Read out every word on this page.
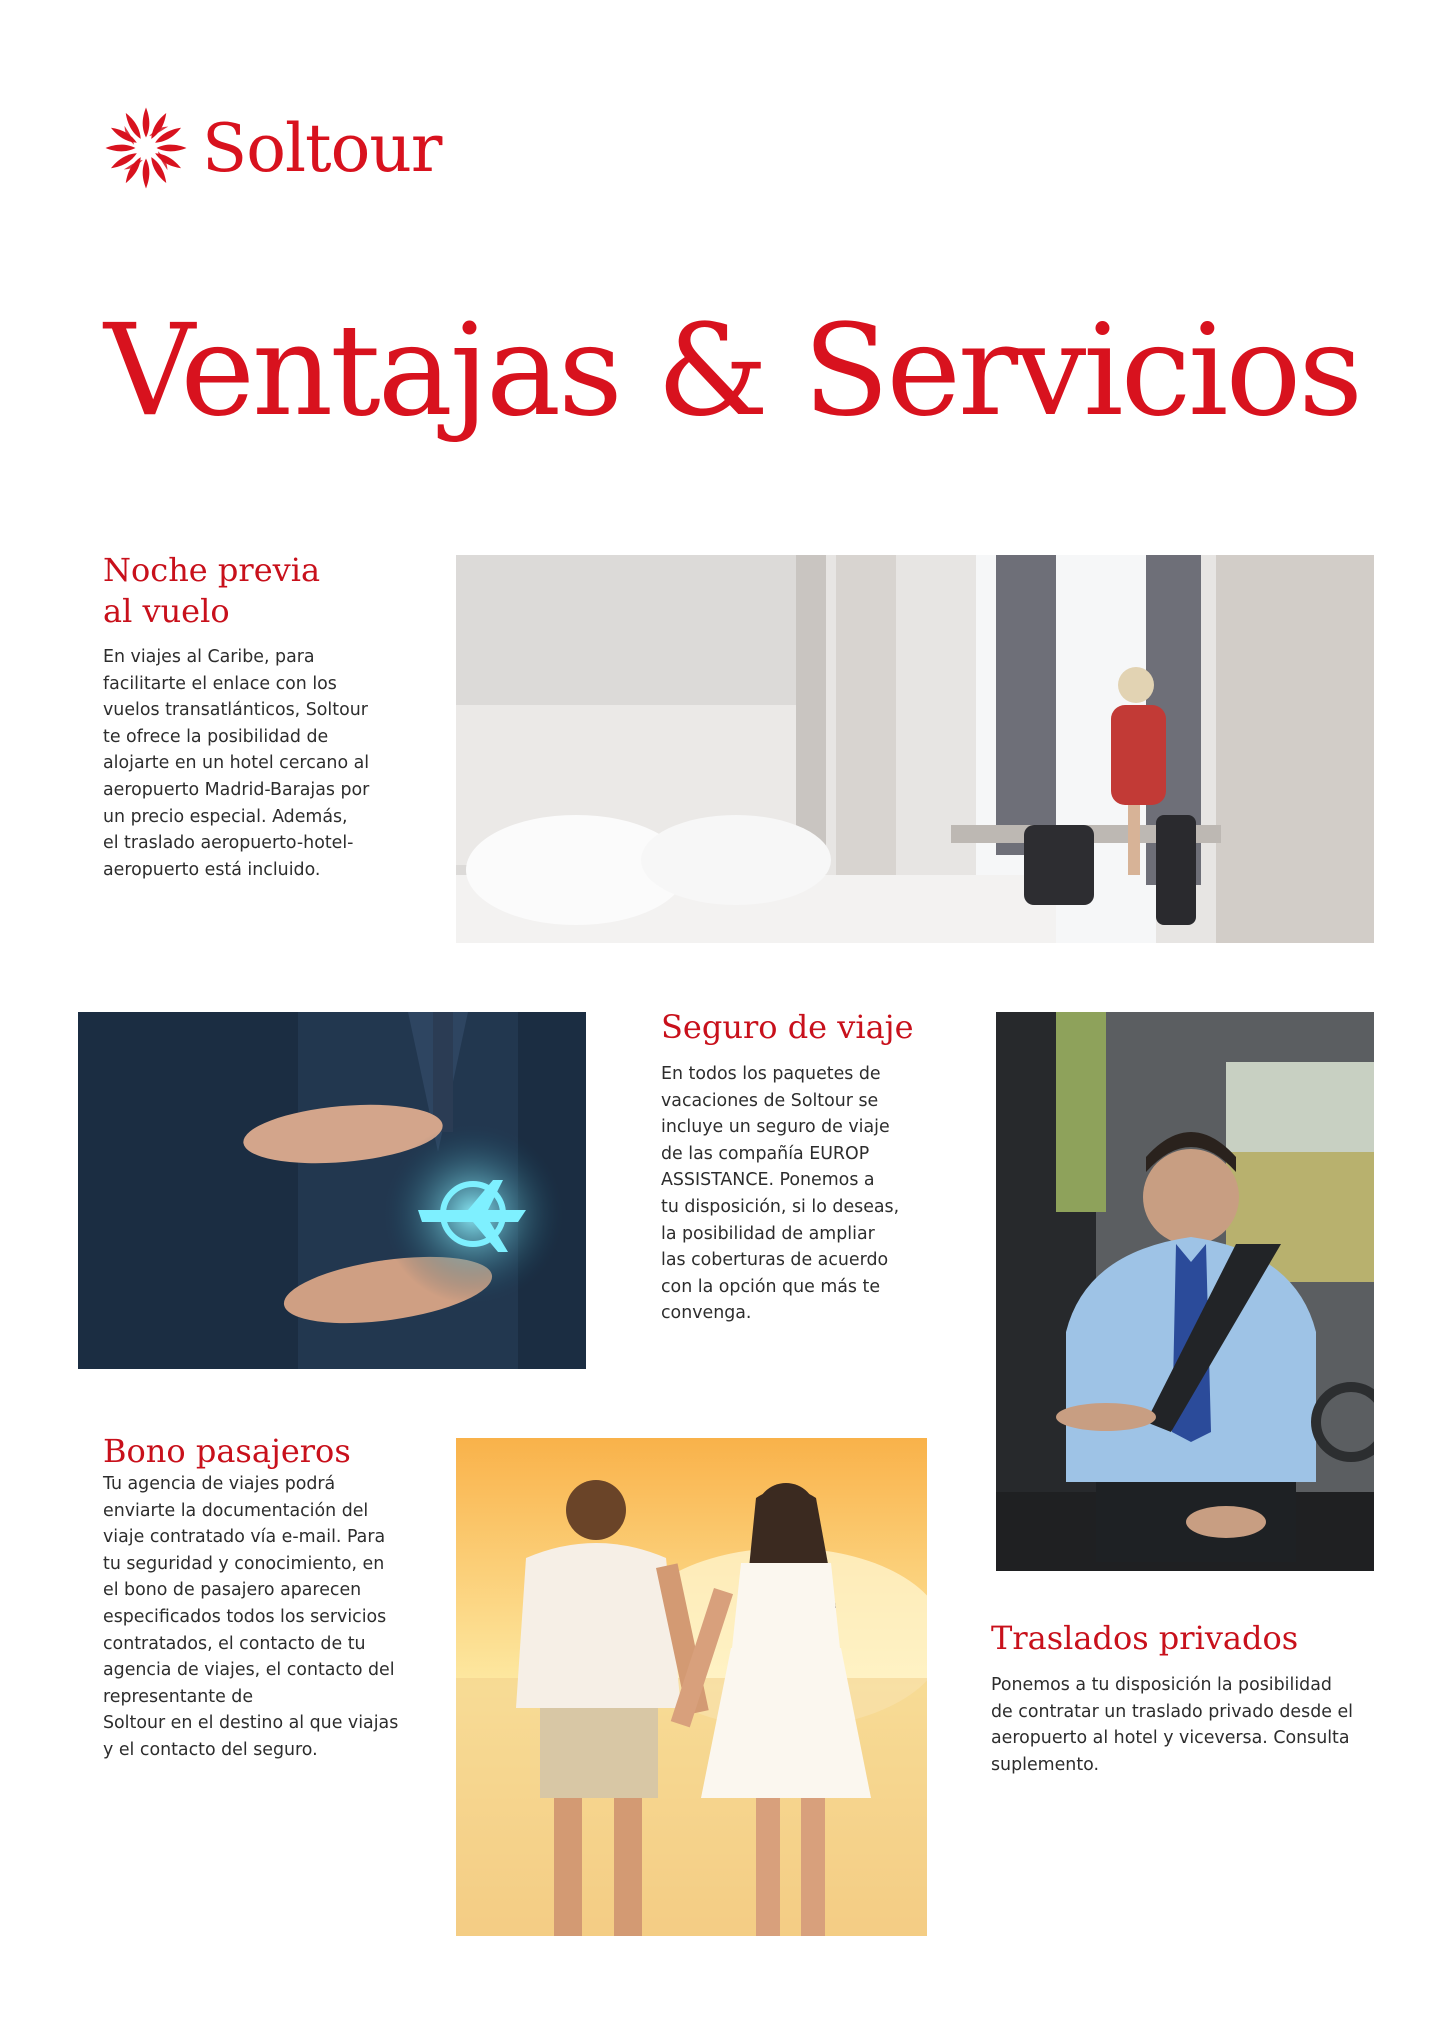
Soltour
Ventajas & Servicios
Noche previa
al vuelo
En viajes al Caribe, para
facilitarte el enlace con los
vuelos transatlánticos, Soltour
te ofrece la posibilidad de
alojarte en un hotel cercano al
aeropuerto Madrid-Barajas por
un precio especial. Además,
el traslado aeropuerto-hotel-
aeropuerto está incluido.
Seguro de viaje
En todos los paquetes de
vacaciones de Soltour se
incluye un seguro de viaje
de las compañía EUROP
ASSISTANCE. Ponemos a
tu disposición, si lo deseas,
la posibilidad de ampliar
las coberturas de acuerdo
con la opción que más te
convenga.
Bono pasajeros
Tu agencia de viajes podrá
enviarte la documentación del
viaje contratado vía e-mail. Para
tu seguridad y conocimiento, en
el bono de pasajero aparecen
especificados todos los servicios
contratados, el contacto de tu
agencia de viajes, el contacto del
representante de
Soltour en el destino al que viajas
y el contacto del seguro.
Traslados privados
Ponemos a tu disposición la posibilidad
de contratar un traslado privado desde el
aeropuerto al hotel y viceversa. Consulta
suplemento.
